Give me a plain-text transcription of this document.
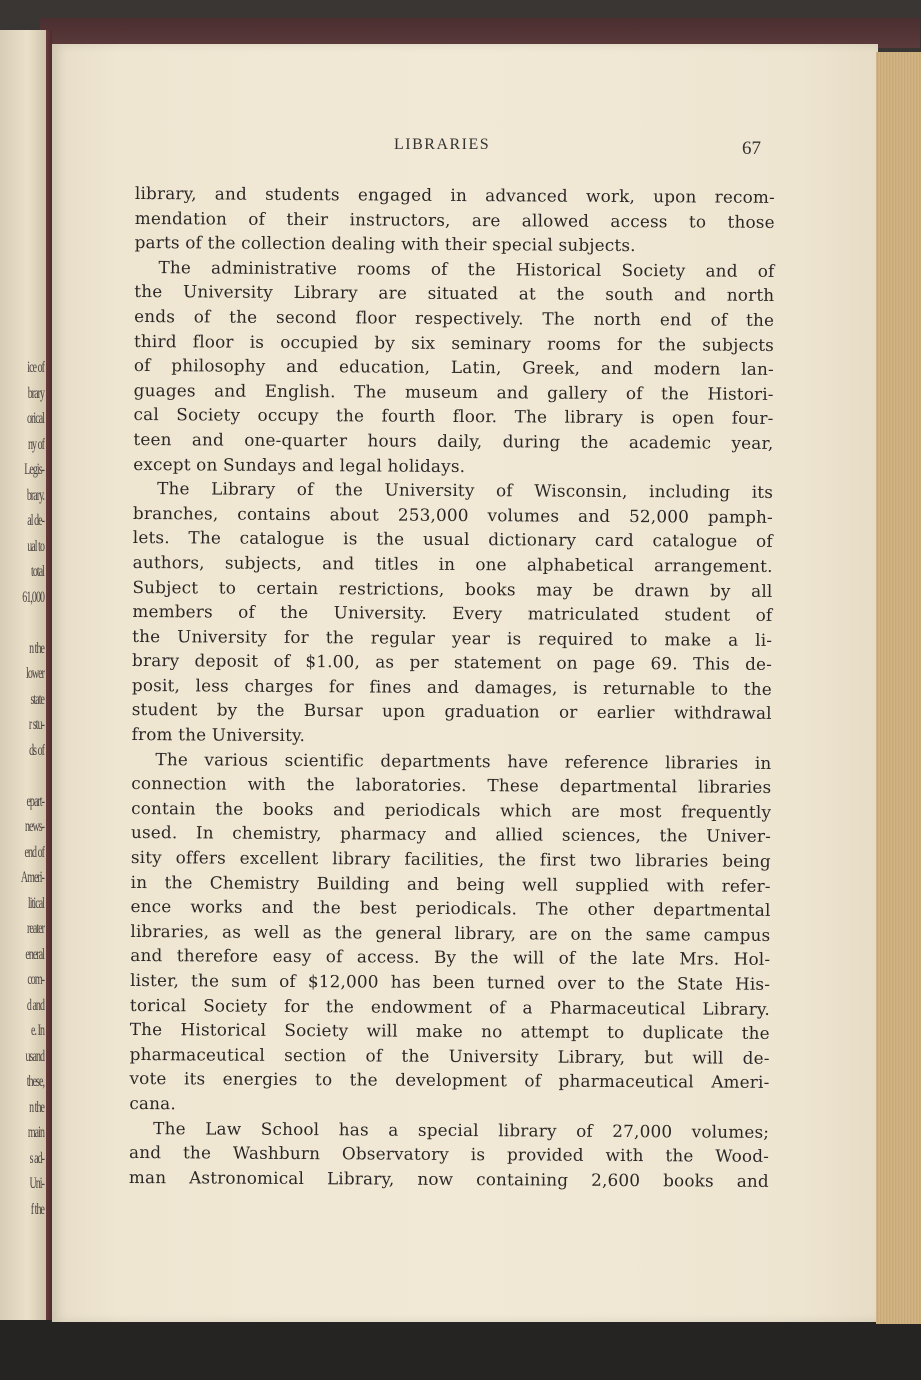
ice of
brary
orical
ny of
Legis-
brary.
al de-
ual to
total
61,000
n the
lower
state
r stu-
ds of
epart-
news-
end of
Ameri-
litical
reater
eneral
com-
d and
e. In
usand
these,
n the
main
s ad-
Uni-
f the
LIBRARIES	67
library, and students engaged in advanced work, upon recom-
mendation of their instructors, are allowed access to those
parts of the collection dealing with their special subjects.
The administrative rooms of the Historical Society and of
the University Library are situated at the south and north
ends of the second floor respectively. The north end of the
third floor is occupied by six seminary rooms for the subjects
of philosophy and education, Latin, Greek, and modern lan-
guages and English. The museum and gallery of the Histori-
cal Society occupy the fourth floor. The library is open four-
teen and one-quarter hours daily, during the academic year,
except on Sundays and legal holidays.
The Library of the University of Wisconsin, including its
branches, contains about 253,000 volumes and 52,000 pamph-
lets. The catalogue is the usual dictionary card catalogue of
authors, subjects, and titles in one alphabetical arrangement.
Subject to certain restrictions, books may be drawn by all
members of the University. Every matriculated student of
the University for the regular year is required to make a li-
brary deposit of $1.00, as per statement on page 69. This de-
posit, less charges for fines and damages, is returnable to the
student by the Bursar upon graduation or earlier withdrawal
from the University.
The various scientific departments have reference libraries in
connection with the laboratories. These departmental libraries
contain the books and periodicals which are most frequently
used. In chemistry, pharmacy and allied sciences, the Univer-
sity offers excellent library facilities, the first two libraries being
in the Chemistry Building and being well supplied with refer-
ence works and the best periodicals. The other departmental
libraries, as well as the general library, are on the same campus
and therefore easy of access. By the will of the late Mrs. Hol-
lister, the sum of $12,000 has been turned over to the State His-
torical Society for the endowment of a Pharmaceutical Library.
The Historical Society will make no attempt to duplicate the
pharmaceutical section of the University Library, but will de-
vote its energies to the development of pharmaceutical Ameri-
cana.
The Law School has a special library of 27,000 volumes;
and the Washburn Observatory is provided with the Wood-
man Astronomical Library, now containing 2,600 books and
